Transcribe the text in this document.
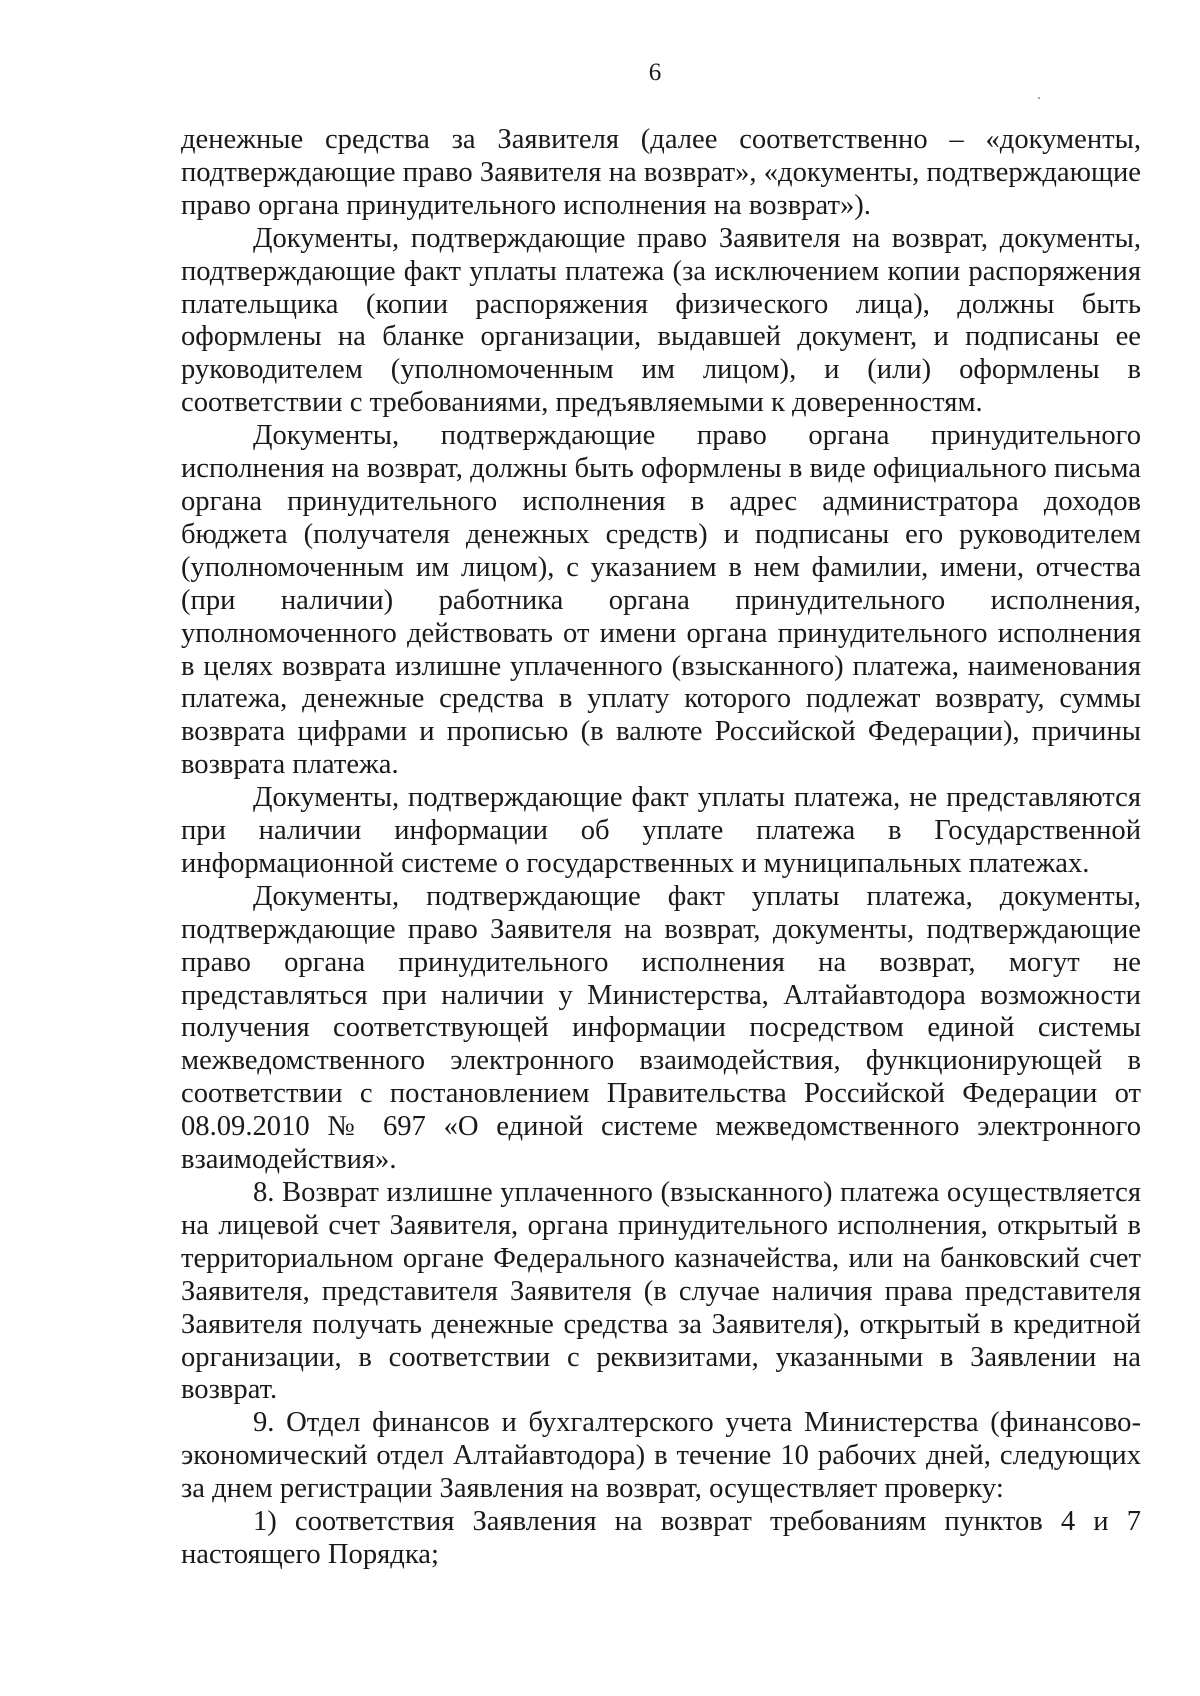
6

денежные средства за Заявителя (далее соответственно – «документы, подтверждающие право Заявителя на возврат», «документы, подтверждающие право органа принудительного исполнения на возврат»).

Документы, подтверждающие право Заявителя на возврат, документы, подтверждающие факт уплаты платежа (за исключением копии распоряжения плательщика (копии распоряжения физического лица), должны быть оформлены на бланке организации, выдавшей документ, и подписаны ее руководителем (уполномоченным им лицом), и (или) оформлены в соответствии с требованиями, предъявляемыми к доверенностям.

Документы, подтверждающие право органа принудительного исполнения на возврат, должны быть оформлены в виде официального письма органа принудительного исполнения в адрес администратора доходов бюджета (получателя денежных средств) и подписаны его руководителем (уполномоченным им лицом), с указанием в нем фамилии, имени, отчества (при наличии) работника органа принудительного исполнения, уполномоченного действовать от имени органа принудительного исполнения в целях возврата излишне уплаченного (взысканного) платежа, наименования платежа, денежные средства в уплату которого подлежат возврату, суммы возврата цифрами и прописью (в валюте Российской Федерации), причины возврата платежа.

Документы, подтверждающие факт уплаты платежа, не представляются при наличии информации об уплате платежа в Государственной информационной системе о государственных и муниципальных платежах.

Документы, подтверждающие факт уплаты платежа, документы, подтверждающие право Заявителя на возврат, документы, подтверждающие право органа принудительного исполнения на возврат, могут не представляться при наличии у Министерства, Алтайавтодора возможности получения соответствующей информации посредством единой системы межведомственного электронного взаимодействия, функционирующей в соответствии с постановлением Правительства Российской Федерации от 08.09.2010 № 697 «О единой системе межведомственного электронного взаимодействия».

8. Возврат излишне уплаченного (взысканного) платежа осуществляется на лицевой счет Заявителя, органа принудительного исполнения, открытый в территориальном органе Федерального казначейства, или на банковский счет Заявителя, представителя Заявителя (в случае наличия права представителя Заявителя получать денежные средства за Заявителя), открытый в кредитной организации, в соответствии с реквизитами, указанными в Заявлении на возврат.

9. Отдел финансов и бухгалтерского учета Министерства (финансово-экономический отдел Алтайавтодора) в течение 10 рабочих дней, следующих за днем регистрации Заявления на возврат, осуществляет проверку:

1) соответствия Заявления на возврат требованиям пунктов 4 и 7 настоящего Порядка;
